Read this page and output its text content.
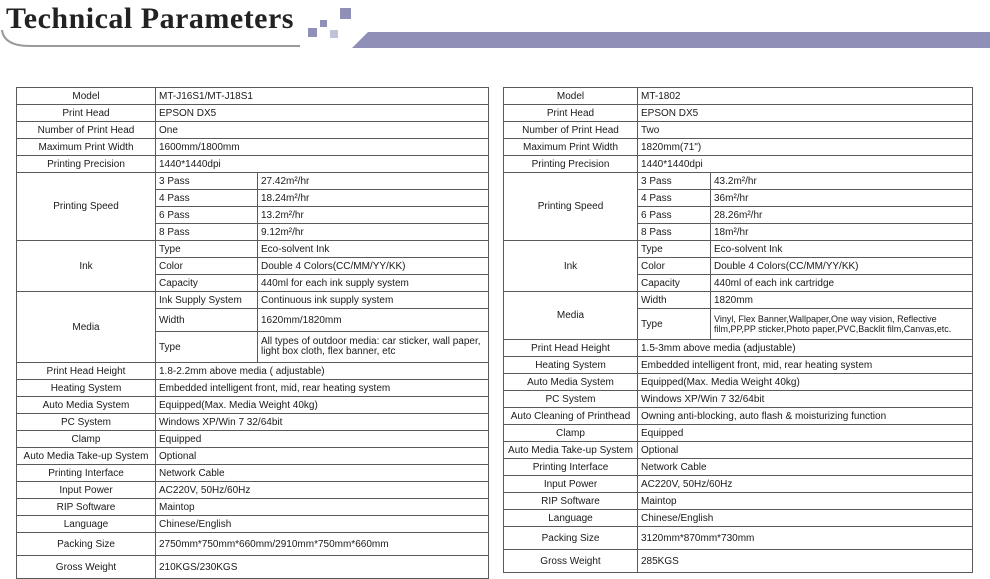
Technical Parameters
Model	MT-J16S1/MT-J18S1	
Print Head	EPSON DX5	
Number of Print Head	One	
Maximum Print Width	1600mm/1800mm	
Printing Precision	1440*1440dpi	
Printing Speed	3 Pass	27.42m²/hr
	4 Pass	18.24m²/hr
	6 Pass	13.2m²/hr
	8 Pass	9.12m²/hr
Ink	Type	Eco-solvent Ink
	Color	Double 4 Colors(CC/MM/YY/KK)
	Capacity	440ml for each ink supply system
Media	Ink Supply System	Continuous ink supply system
	Width	1620mm/1820mm
	Type	All types of outdoor media: car sticker, wall paper, light box cloth, flex banner, etc
Print Head Height	1.8-2.2mm above media ( adjustable)	
Heating System	Embedded intelligent front, mid, rear heating system	
Auto Media System	Equipped(Max. Media Weight 40kg)	
PC System	Windows XP/Win 7 32/64bit	
Clamp	Equipped	
Auto Media Take-up System	Optional	
Printing Interface	Network Cable	
Input Power	AC220V, 50Hz/60Hz	
RIP Software	Maintop	
Language	Chinese/English	
Packing Size	2750mm*750mm*660mm/2910mm*750mm*660mm	
Gross Weight	210KGS/230KGS	
Model	MT-1802	
Print Head	EPSON DX5	
Number of Print Head	Two	
Maximum Print Width	1820mm(71")	
Printing Precision	1440*1440dpi	
Printing Speed	3 Pass	43.2m²/hr
	4 Pass	36m²/hr
	6 Pass	28.26m²/hr
	8 Pass	18m²/hr
Ink	Type	Eco-solvent Ink
	Color	Double 4 Colors(CC/MM/YY/KK)
	Capacity	440ml of each ink cartridge
Media	Width	1820mm
	Type	Vinyl, Flex Banner,Wallpaper,One way vision, Reflective film,PP,PP sticker,Photo paper,PVC,Backlit film,Canvas,etc.
Print Head Height	1.5-3mm above media (adjustable)	
Heating System	Embedded intelligent front, mid, rear heating system	
Auto Media System	Equipped(Max. Media Weight 40kg)	
PC System	Windows XP/Win 7 32/64bit	
Auto Cleaning of Printhead	Owning anti-blocking, auto flash & moisturizing function	
Clamp	Equipped	
Auto Media Take-up System	Optional	
Printing Interface	Network Cable	
Input Power	AC220V, 50Hz/60Hz	
RIP Software	Maintop	
Language	Chinese/English	
Packing Size	3120mm*870mm*730mm	
Gross Weight	285KGS	
